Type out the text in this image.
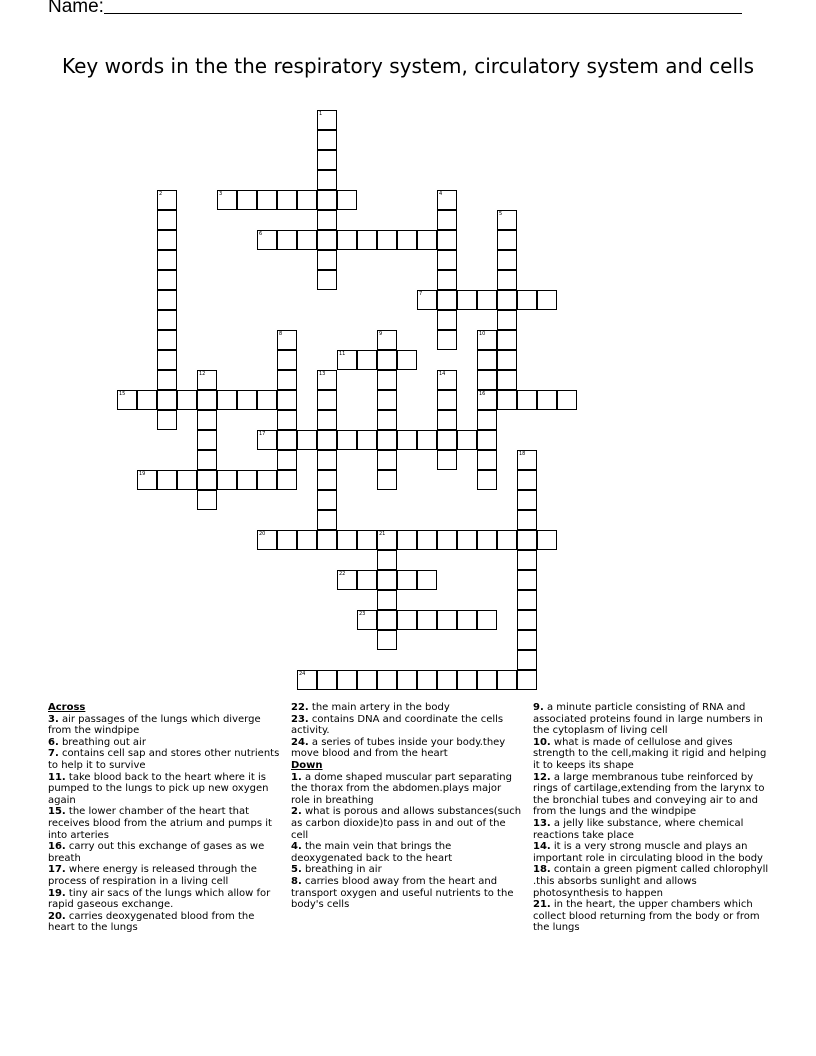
Name:
Key words in the the respiratory system, circulatory system and cells
1
2	3	4
5
6
7
8	9	10
16
11
12	13	14
15
17
18
19
20	21
22
23
24

Across

3. air passages of the lungs which diverge from the windpipe

6. breathing out air

7. contains cell sap and stores other nutrients to help it to survive

11. take blood back to the heart where it is pumped to the lungs to pick up new oxygen again

15. the lower chamber of the heart that receives blood from the atrium and pumps it into arteries

16. carry out this exchange of gases as we breath

17. where energy is released through the process of respiration in a living cell

19. tiny air sacs of the lungs which allow for rapid gaseous exchange.

20. carries deoxygenated blood from the heart to the lungs

22. the main artery in the body

23. contains DNA and coordinate the cells activity.

24. a series of tubes inside your body.they move blood and from the heart

Down

1. a dome shaped muscular part separating the thorax from the abdomen.plays major role in breathing

2. what is porous and allows substances(such as carbon dioxide)to pass in and out of the cell

4. the main vein that brings the deoxygenated back to the heart

5. breathing in air

8. carries blood away from the heart and transport oxygen and useful nutrients to the body's cells

9. a minute particle consisting of RNA and associated proteins found in large numbers in the cytoplasm of living cell

10. what is made of cellulose and gives strength to the cell,making it rigid and helping it to keeps its shape

12. a large membranous tube reinforced by rings of cartilage,extending from the larynx to the bronchial tubes and conveying air to and from the lungs and the windpipe

13. a jelly like substance, where chemical reactions take place

14. it is a very strong muscle and plays an important role in circulating blood in the body

18. contain a green pigment called chlorophyll .this absorbs sunlight and allows photosynthesis to happen

21. in the heart, the upper chambers which collect blood returning from the body or from the lungs
